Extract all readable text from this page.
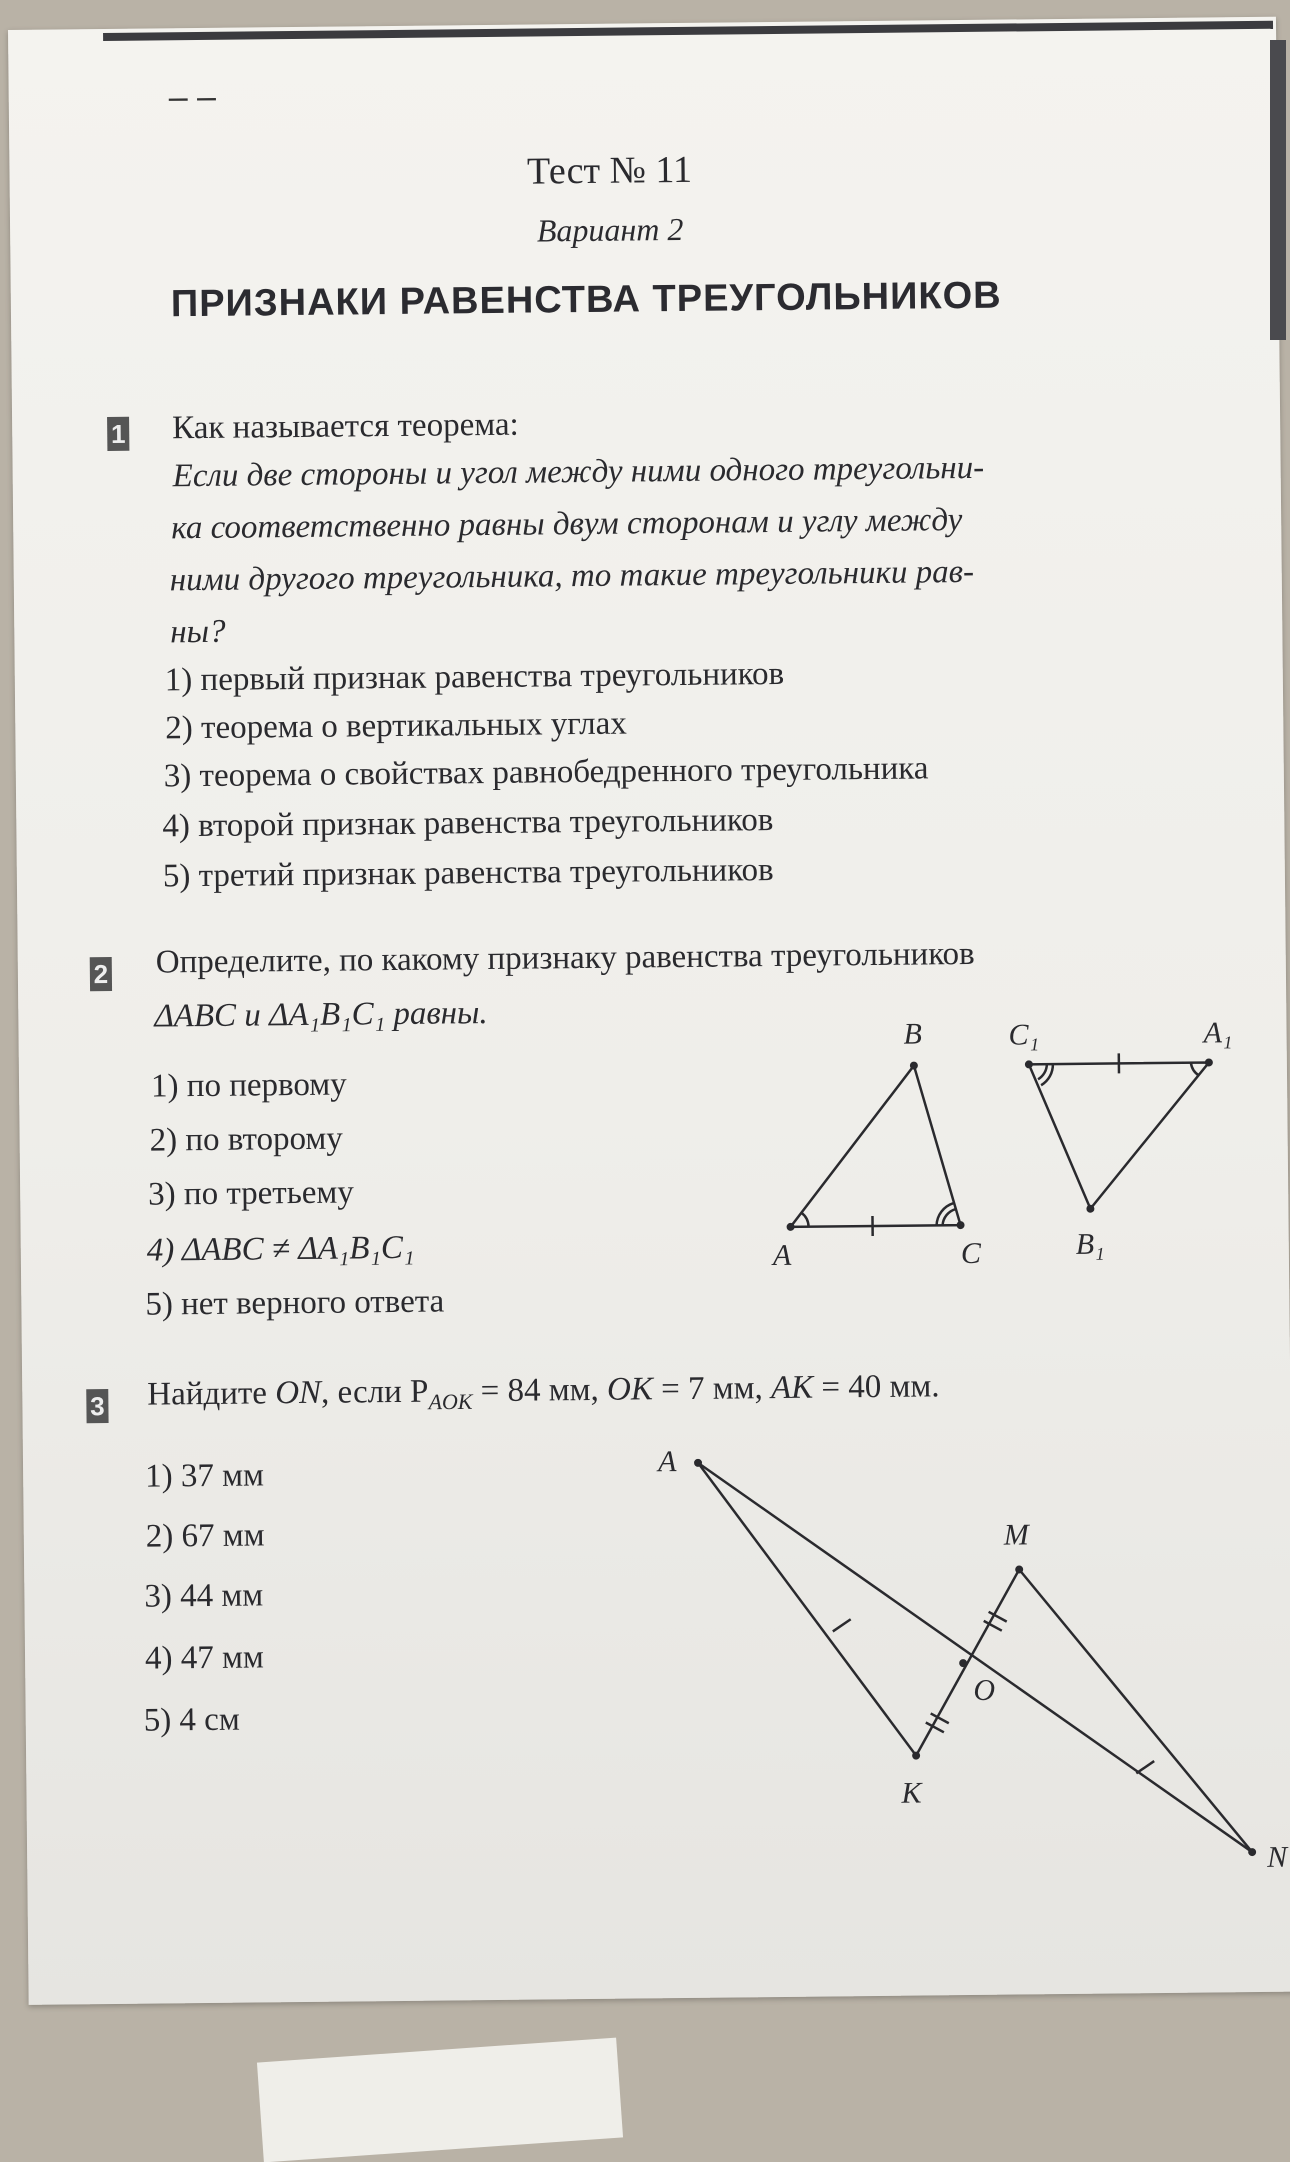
– –
Тест № 11
Вариант 2
ПРИЗНАКИ РАВЕНСТВА ТРЕУГОЛЬНИКОВ
1 Как называется теорема:
Если две стороны и угол между ними одного треугольни-
ка соответственно равны двум сторонам и углу между
ними другого треугольника, то такие треугольники рав-
ны?
1) первый признак равенства треугольников
2) теорема о вертикальных углах
3) теорема о свойствах равнобедренного треугольника
4) второй признак равенства треугольников
5) третий признак равенства треугольников
2 Определите, по какому признаку равенства треугольников
ΔABC и ΔA₁B₁C₁ равны.
1) по первому
2) по второму
3) по третьему
4) ΔABC ≠ ΔA₁B₁C₁
5) нет верного ответа
A
B
C
C₁	A₁
B₁
3 Найдите ON, если $P_{AOK} = 84$ мм, OK = 7 мм, AK = 40 мм.
1) 37 мм
2) 67 мм
3) 44 мм
4) 47 мм
5) 4 см
A
M
O
K
N
